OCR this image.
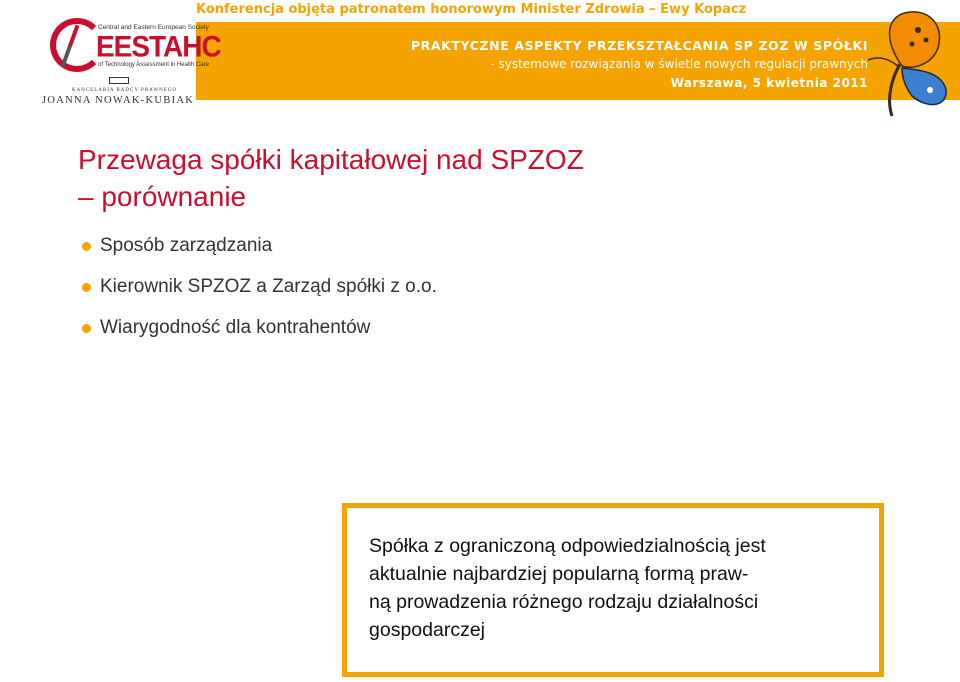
Konferencja objęta patronatem honorowym Minister Zdrowia – Ewy Kopacz
Central and Eastern European Society
EESTAHC
of Technology Assessment in Health Care
KANCELARIA RADCY PRAWNEGO
JOANNA NOWAK-KUBIAK
PRAKTYCZNE ASPEKTY PRZEKSZTAŁCANIA SP ZOZ W SPÓŁKI
- systemowe rozwiązania w świetle nowych regulacji prawnych
Warszawa, 5 kwietnia 2011
Przewaga spółki kapitałowej nad SPZOZ
– porównanie
Sposób zarządzania
Kierownik SPZOZ a Zarząd spółki z o.o.
Wiarygodność dla kontrahentów

Spółka z ograniczoną odpowiedzialnością jest
aktualnie najbardziej popularną formą praw-
ną prowadzenia różnego rodzaju działalności
gospodarczej
